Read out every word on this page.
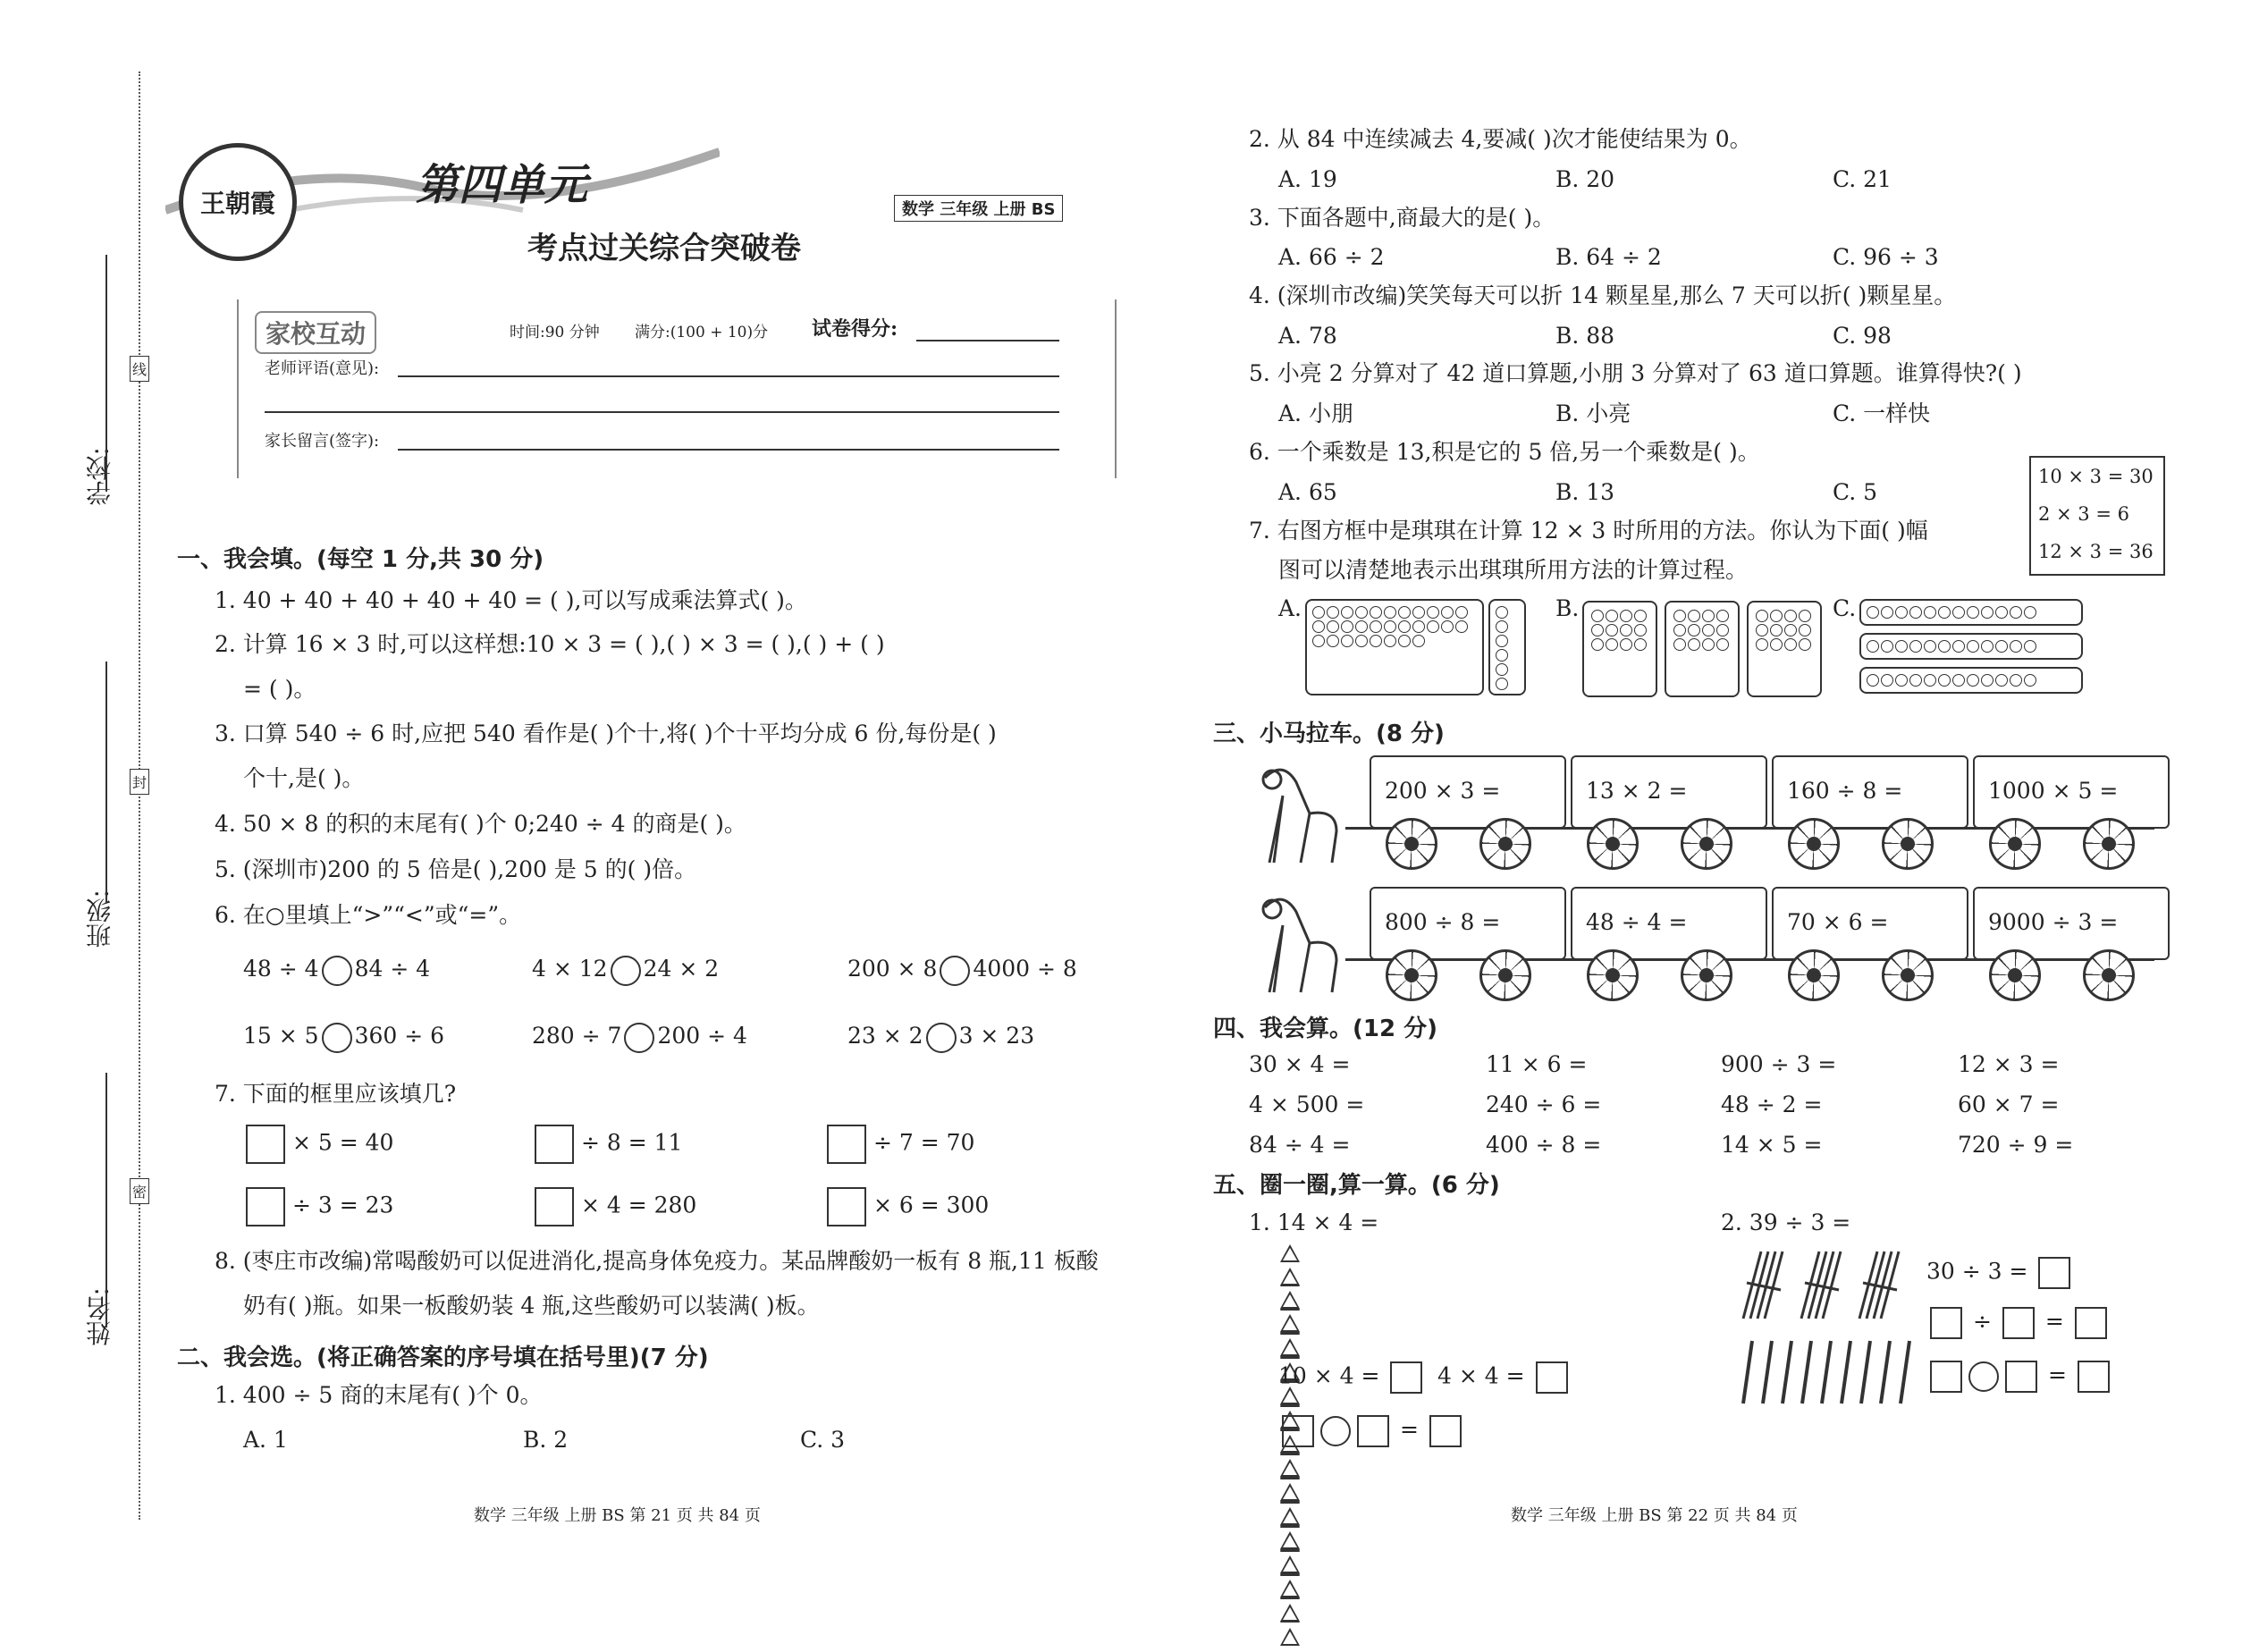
学校:
班级:
姓名:
线
封
密
王朝霞	第四单元
考点过关综合突破卷
数学 三年级 上册 BS
家校互动	时间:90 分钟 满分:(100 + 10)分 试卷得分:
老师评语(意见):
家长留言(签字):
一、我会填。(每空 1 分,共 30 分)
1. 40 + 40 + 40 + 40 + 40 = ( ),可以写成乘法算式( )。
2. 计算 16 × 3 时,可以这样想:10 × 3 = ( ),( ) × 3 = ( ),( ) + ( )
= ( )。
3. 口算 540 ÷ 6 时,应把 540 看作是( )个十,将( )个十平均分成 6 份,每份是( )
个十,是( )。
4. 50 × 8 的积的末尾有( )个 0;240 ÷ 4 的商是( )。
5. (深圳市)200 的 5 倍是( ),200 是 5 的( )倍。
6. 在○里填上“>”“<”或“=”。
48 ÷ 4 84 ÷ 4	4 × 12 24 × 2	200 × 8 4000 ÷ 8
15 × 5 360 ÷ 6	280 ÷ 7 200 ÷ 4	23 × 2 3 × 23
7. 下面的框里应该填几?
× 5 = 40	÷ 8 = 11	÷ 7 = 70
÷ 3 = 23	× 4 = 280	× 6 = 300
8. (枣庄市改编)常喝酸奶可以促进消化,提高身体免疫力。某品牌酸奶一板有 8 瓶,11 板酸
奶有( )瓶。如果一板酸奶装 4 瓶,这些酸奶可以装满( )板。
二、我会选。(将正确答案的序号填在括号里)(7 分)
1. 400 ÷ 5 商的末尾有( )个 0。
A. 1	B. 2	C. 3
数学 三年级 上册 BS 第 21 页 共 84 页
2. 从 84 中连续减去 4,要减( )次才能使结果为 0。
A. 19	B. 20	C. 21
3. 下面各题中,商最大的是( )。
A. 66 ÷ 2	B. 64 ÷ 2	C. 96 ÷ 3
4. (深圳市改编)笑笑每天可以折 14 颗星星,那么 7 天可以折( )颗星星。
A. 78	B. 88	C. 98
5. 小亮 2 分算对了 42 道口算题,小朋 3 分算对了 63 道口算题。谁算得快?( )
A. 小朋	B. 小亮	C. 一样快
6. 一个乘数是 13,积是它的 5 倍,另一个乘数是( )。
A. 65	B. 13	C. 5
7. 右图方框中是琪琪在计算 12 × 3 时所用的方法。你认为下面( )幅
图可以清楚地表示出琪琪所用方法的计算过程。
10 × 3 = 30
2 × 3 = 6
12 × 3 = 36
A.	B.	C.
三、小马拉车。(8 分)
200 × 3 =	13 × 2 =	160 ÷ 8 =	1000 × 5 =
800 ÷ 8 =	48 ÷ 4 =	70 × 6 =	9000 ÷ 3 =
四、我会算。(12 分)
30 × 4 =	11 × 6 =	900 ÷ 3 =	12 × 3 =
4 × 500 =	240 ÷ 6 =	48 ÷ 2 =	60 × 7 =
84 ÷ 4 =	400 ÷ 8 =	14 × 5 =	720 ÷ 9 =
五、圈一圈,算一算。(6 分)
1. 14 × 4 =
10 × 4 =	4 × 4 =
=
2. 39 ÷ 3 =
30 ÷ 3 =
÷ =
=
数学 三年级 上册 BS 第 22 页 共 84 页
